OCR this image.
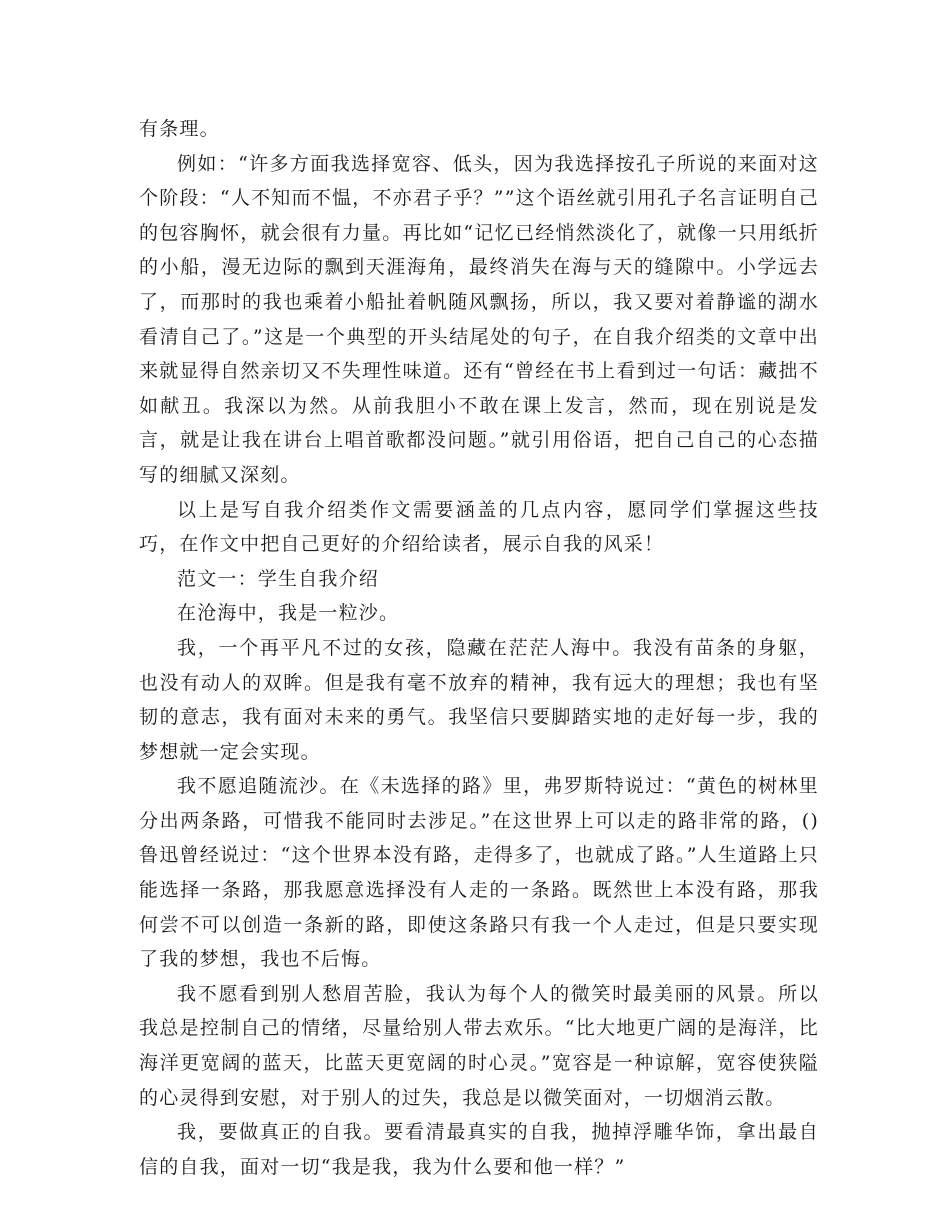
有条理。

例如：“许多方面我选择宽容、低头，因为我选择按孔子所说的来面对这个阶段：“人不知而不愠，不亦君子乎？””这个语丝就引用孔子名言证明自己的包容胸怀，就会很有力量。再比如“记忆已经悄然淡化了，就像一只用纸折的小船，漫无边际的飘到天涯海角，最终消失在海与天的缝隙中。小学远去了，而那时的我也乘着小船扯着帆随风飘扬，所以，我又要对着静谧的湖水看清自己了。”这是一个典型的开头结尾处的句子，在自我介绍类的文章中出来就显得自然亲切又不失理性味道。还有“曾经在书上看到过一句话：藏拙不如献丑。我深以为然。从前我胆小不敢在课上发言，然而，现在别说是发言，就是让我在讲台上唱首歌都没问题。”就引用俗语，把自己自己的心态描写的细腻又深刻。

以上是写自我介绍类作文需要涵盖的几点内容，愿同学们掌握这些技巧，在作文中把自己更好的介绍给读者，展示自我的风采！

范文一：学生自我介绍

在沧海中，我是一粒沙。

我，一个再平凡不过的女孩，隐藏在茫茫人海中。我没有苗条的身躯，也没有动人的双眸。但是我有毫不放弃的精神，我有远大的理想；我也有坚韧的意志，我有面对未来的勇气。我坚信只要脚踏实地的走好每一步，我的梦想就一定会实现。

我不愿追随流沙。在《未选择的路》里，弗罗斯特说过：“黄色的树林里分出两条路，可惜我不能同时去涉足。”在这世界上可以走的路非常的路，()鲁迅曾经说过：“这个世界本没有路，走得多了，也就成了路。”人生道路上只能选择一条路，那我愿意选择没有人走的一条路。既然世上本没有路，那我何尝不可以创造一条新的路，即使这条路只有我一个人走过，但是只要实现了我的梦想，我也不后悔。

我不愿看到别人愁眉苦脸，我认为每个人的微笑时最美丽的风景。所以我总是控制自己的情绪，尽量给别人带去欢乐。“比大地更广阔的是海洋，比海洋更宽阔的蓝天，比蓝天更宽阔的时心灵。”宽容是一种谅解，宽容使狭隘的心灵得到安慰，对于别人的过失，我总是以微笑面对，一切烟消云散。

我，要做真正的自我。要看清最真实的自我，抛掉浮雕华饰，拿出最自信的自我，面对一切“我是我，我为什么要和他一样？”
